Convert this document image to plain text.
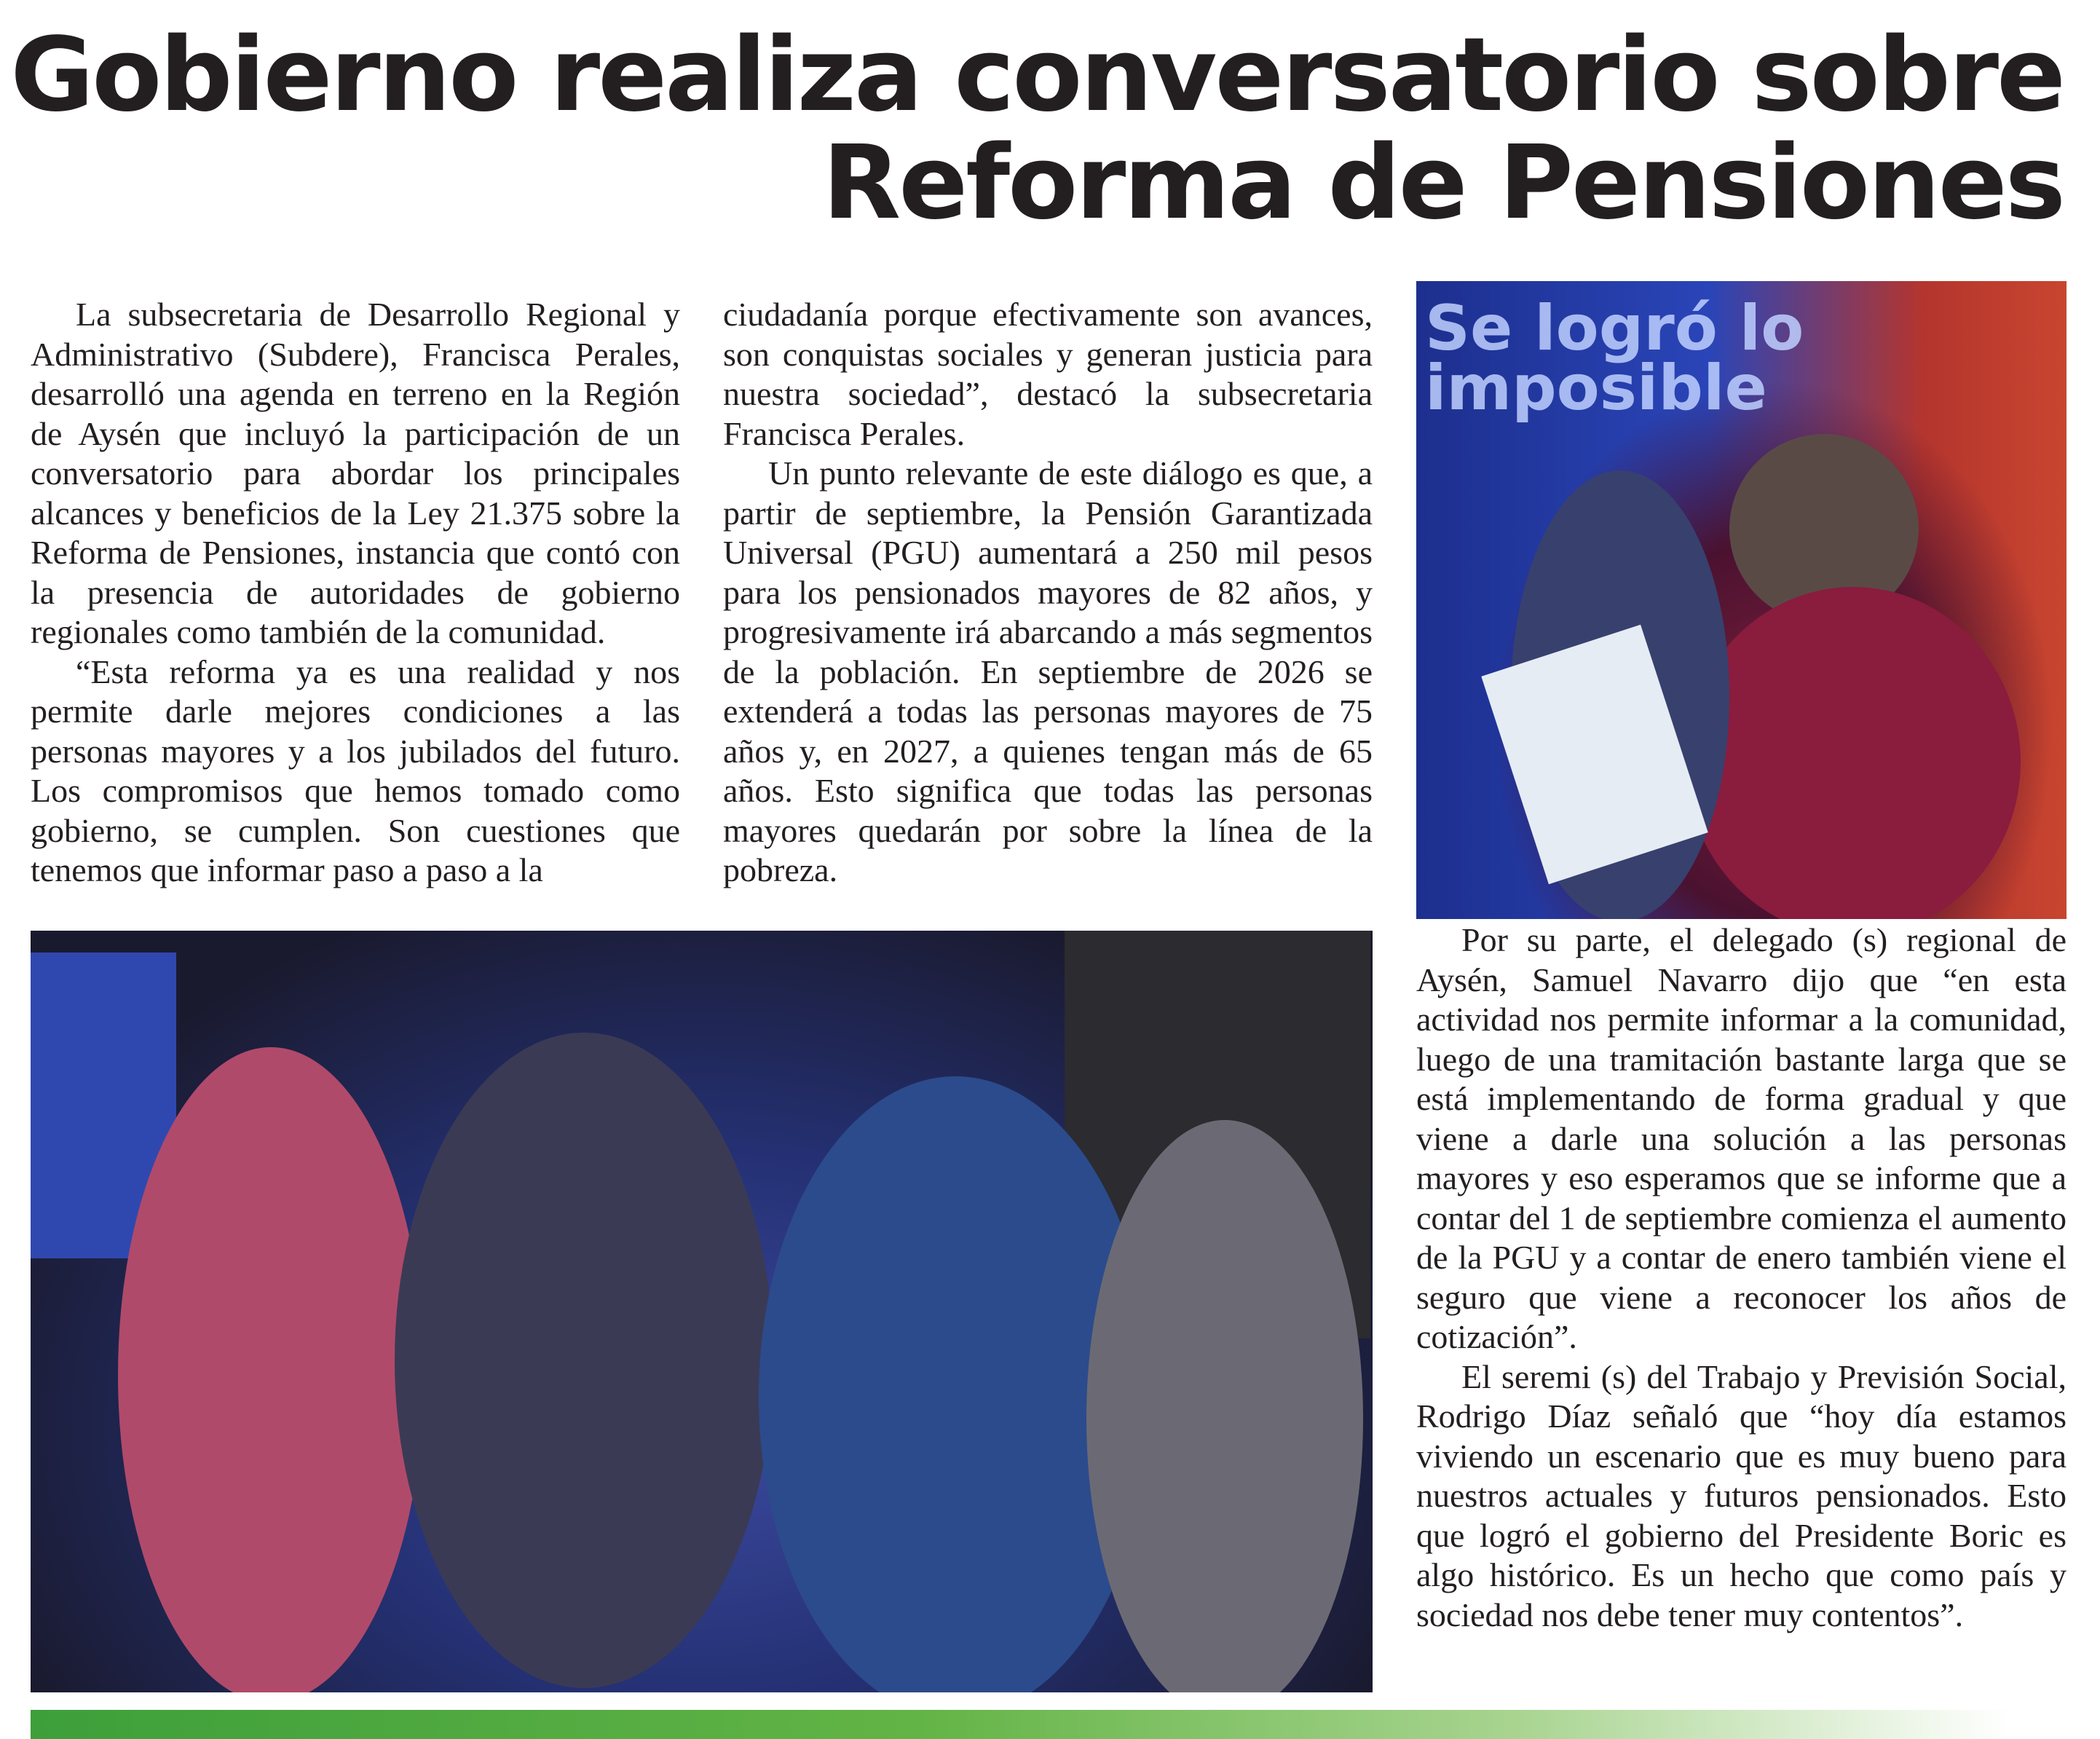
Gobierno realiza conversatorio sobre
Reforma de Pensiones

La subsecretaria de Desarrollo Regional y Administrativo (Subdere), Francisca Perales, desarrolló una agenda en terreno en la Región de Aysén que incluyó la participación de un conversatorio para abordar los principales alcances y beneficios de la Ley 21.375 sobre la Reforma de Pensiones, instancia que contó con la presencia de autoridades de gobierno regionales como también de la comunidad.

“Esta reforma ya es una realidad y nos permite darle mejores condiciones a las personas mayores y a los jubilados del futuro. Los compromisos que hemos tomado como gobierno, se cumplen. Son cuestiones que tenemos que informar paso a paso a la

ciudadanía porque efectivamente son avances, son conquistas sociales y generan justicia para nuestra sociedad”, destacó la subsecretaria Francisca Perales.

Un punto relevante de este diálogo es que, a partir de septiembre, la Pensión Garantizada Universal (PGU) aumentará a 250 mil pesos para los pensionados mayores de 82 años, y progresivamente irá abarcando a más segmentos de la población. En septiembre de 2026 se extenderá a todas las personas mayores de 75 años y, en 2027, a quienes tengan más de 65 años. Esto significa que todas las personas mayores quedarán por sobre la línea de la pobreza.

Se logró lo imposible

Por su parte, el delegado (s) regional de Aysén, Samuel Navarro dijo que “en esta actividad nos permite informar a la comunidad, luego de una tramitación bastante larga que se está implementando de forma gradual y que viene a darle una solución a las personas mayores y eso esperamos que se informe que a contar del 1 de septiembre comienza el aumento de la PGU y a contar de enero también viene el seguro que viene a reconocer los años de cotización”.

El seremi (s) del Trabajo y Previsión Social, Rodrigo Díaz señaló que “hoy día estamos viviendo un escenario que es muy bueno para nuestros actuales y futuros pensionados. Esto que logró el gobierno del Presidente Boric es algo histórico. Es un hecho que como país y sociedad nos debe tener muy contentos”.
